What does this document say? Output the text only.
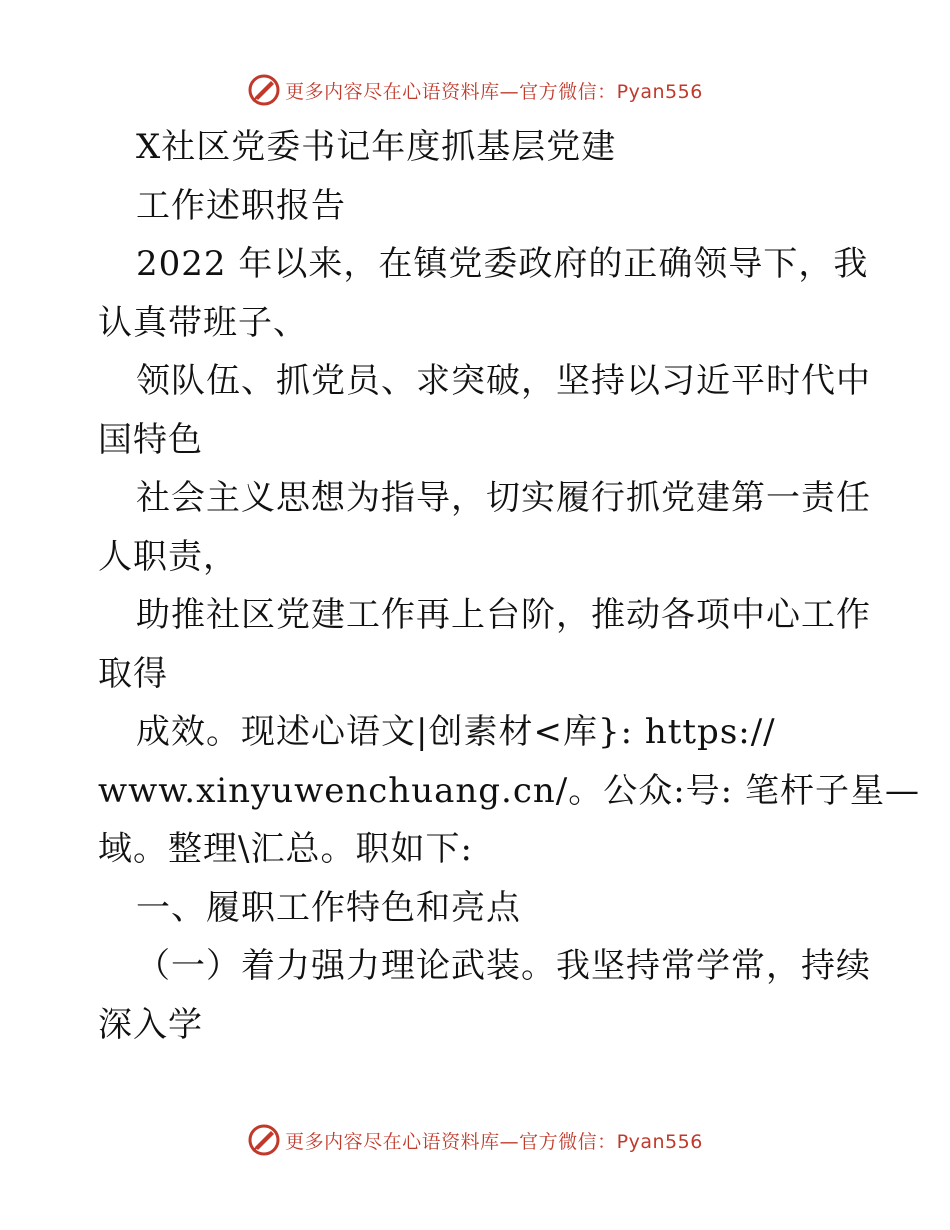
更多内容尽在心语资料库—官方微信：Pyan556
X社区党委书记年度抓基层党建
工作述职报告
2022 年以来，在镇党委政府的正确领导下，我
认真带班子、
领队伍、抓党员、求突破，坚持以习近平时代中
国特色
社会主义思想为指导，切实履行抓党建第一责任
人职责，
助推社区党建工作再上台阶，推动各项中心工作
取得
成效。现述心语文|创素材<库}: https://
www.xinyuwenchuang.cn/。公众:号: 笔杆子星—
域。整理\汇总。职如下:
一、履职工作特色和亮点
（一）着力强力理论武装。我坚持常学常，持续
深入学
更多内容尽在心语资料库—官方微信：Pyan556
